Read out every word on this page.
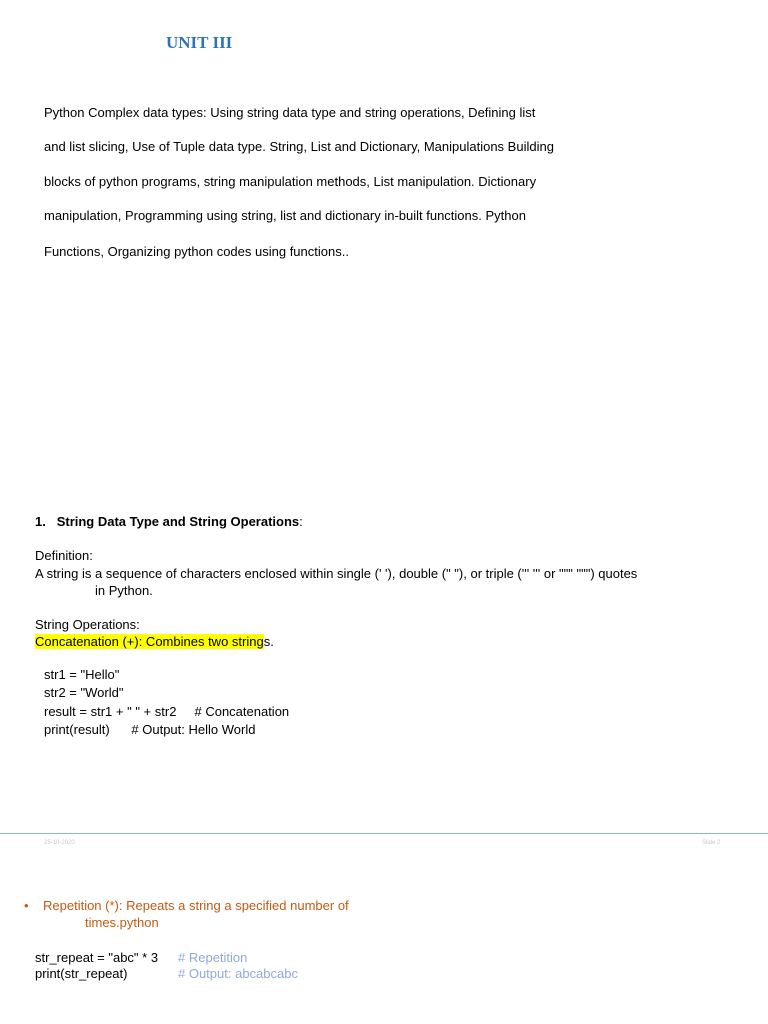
UNIT III
Python Complex data types: Using string data type and string operations, Defining list
and list slicing, Use of Tuple data type. String, List and Dictionary, Manipulations Building
blocks of python programs, string manipulation methods, List manipulation. Dictionary
manipulation, Programming using string, list and dictionary in-built functions. Python
Functions, Organizing python codes using functions..
1. String Data Type and String Operations:
Definition:
A string is a sequence of characters enclosed within single (' '), double (" "), or triple (''' ''' or """ """) quotes
in Python.
String Operations:
Concatenation (+): Combines two strings.
str1 = "Hello"
str2 = "World"
result = str1 + " " + str2     # Concatenation
print(result)      # Output: Hello World
25-10-2020	Slide 2
• Repetition (*): Repeats a string a specified number of
times.python
str_repeat = "abc" * 3 # Repetition
print(str_repeat)	# Output: abcabcabc
